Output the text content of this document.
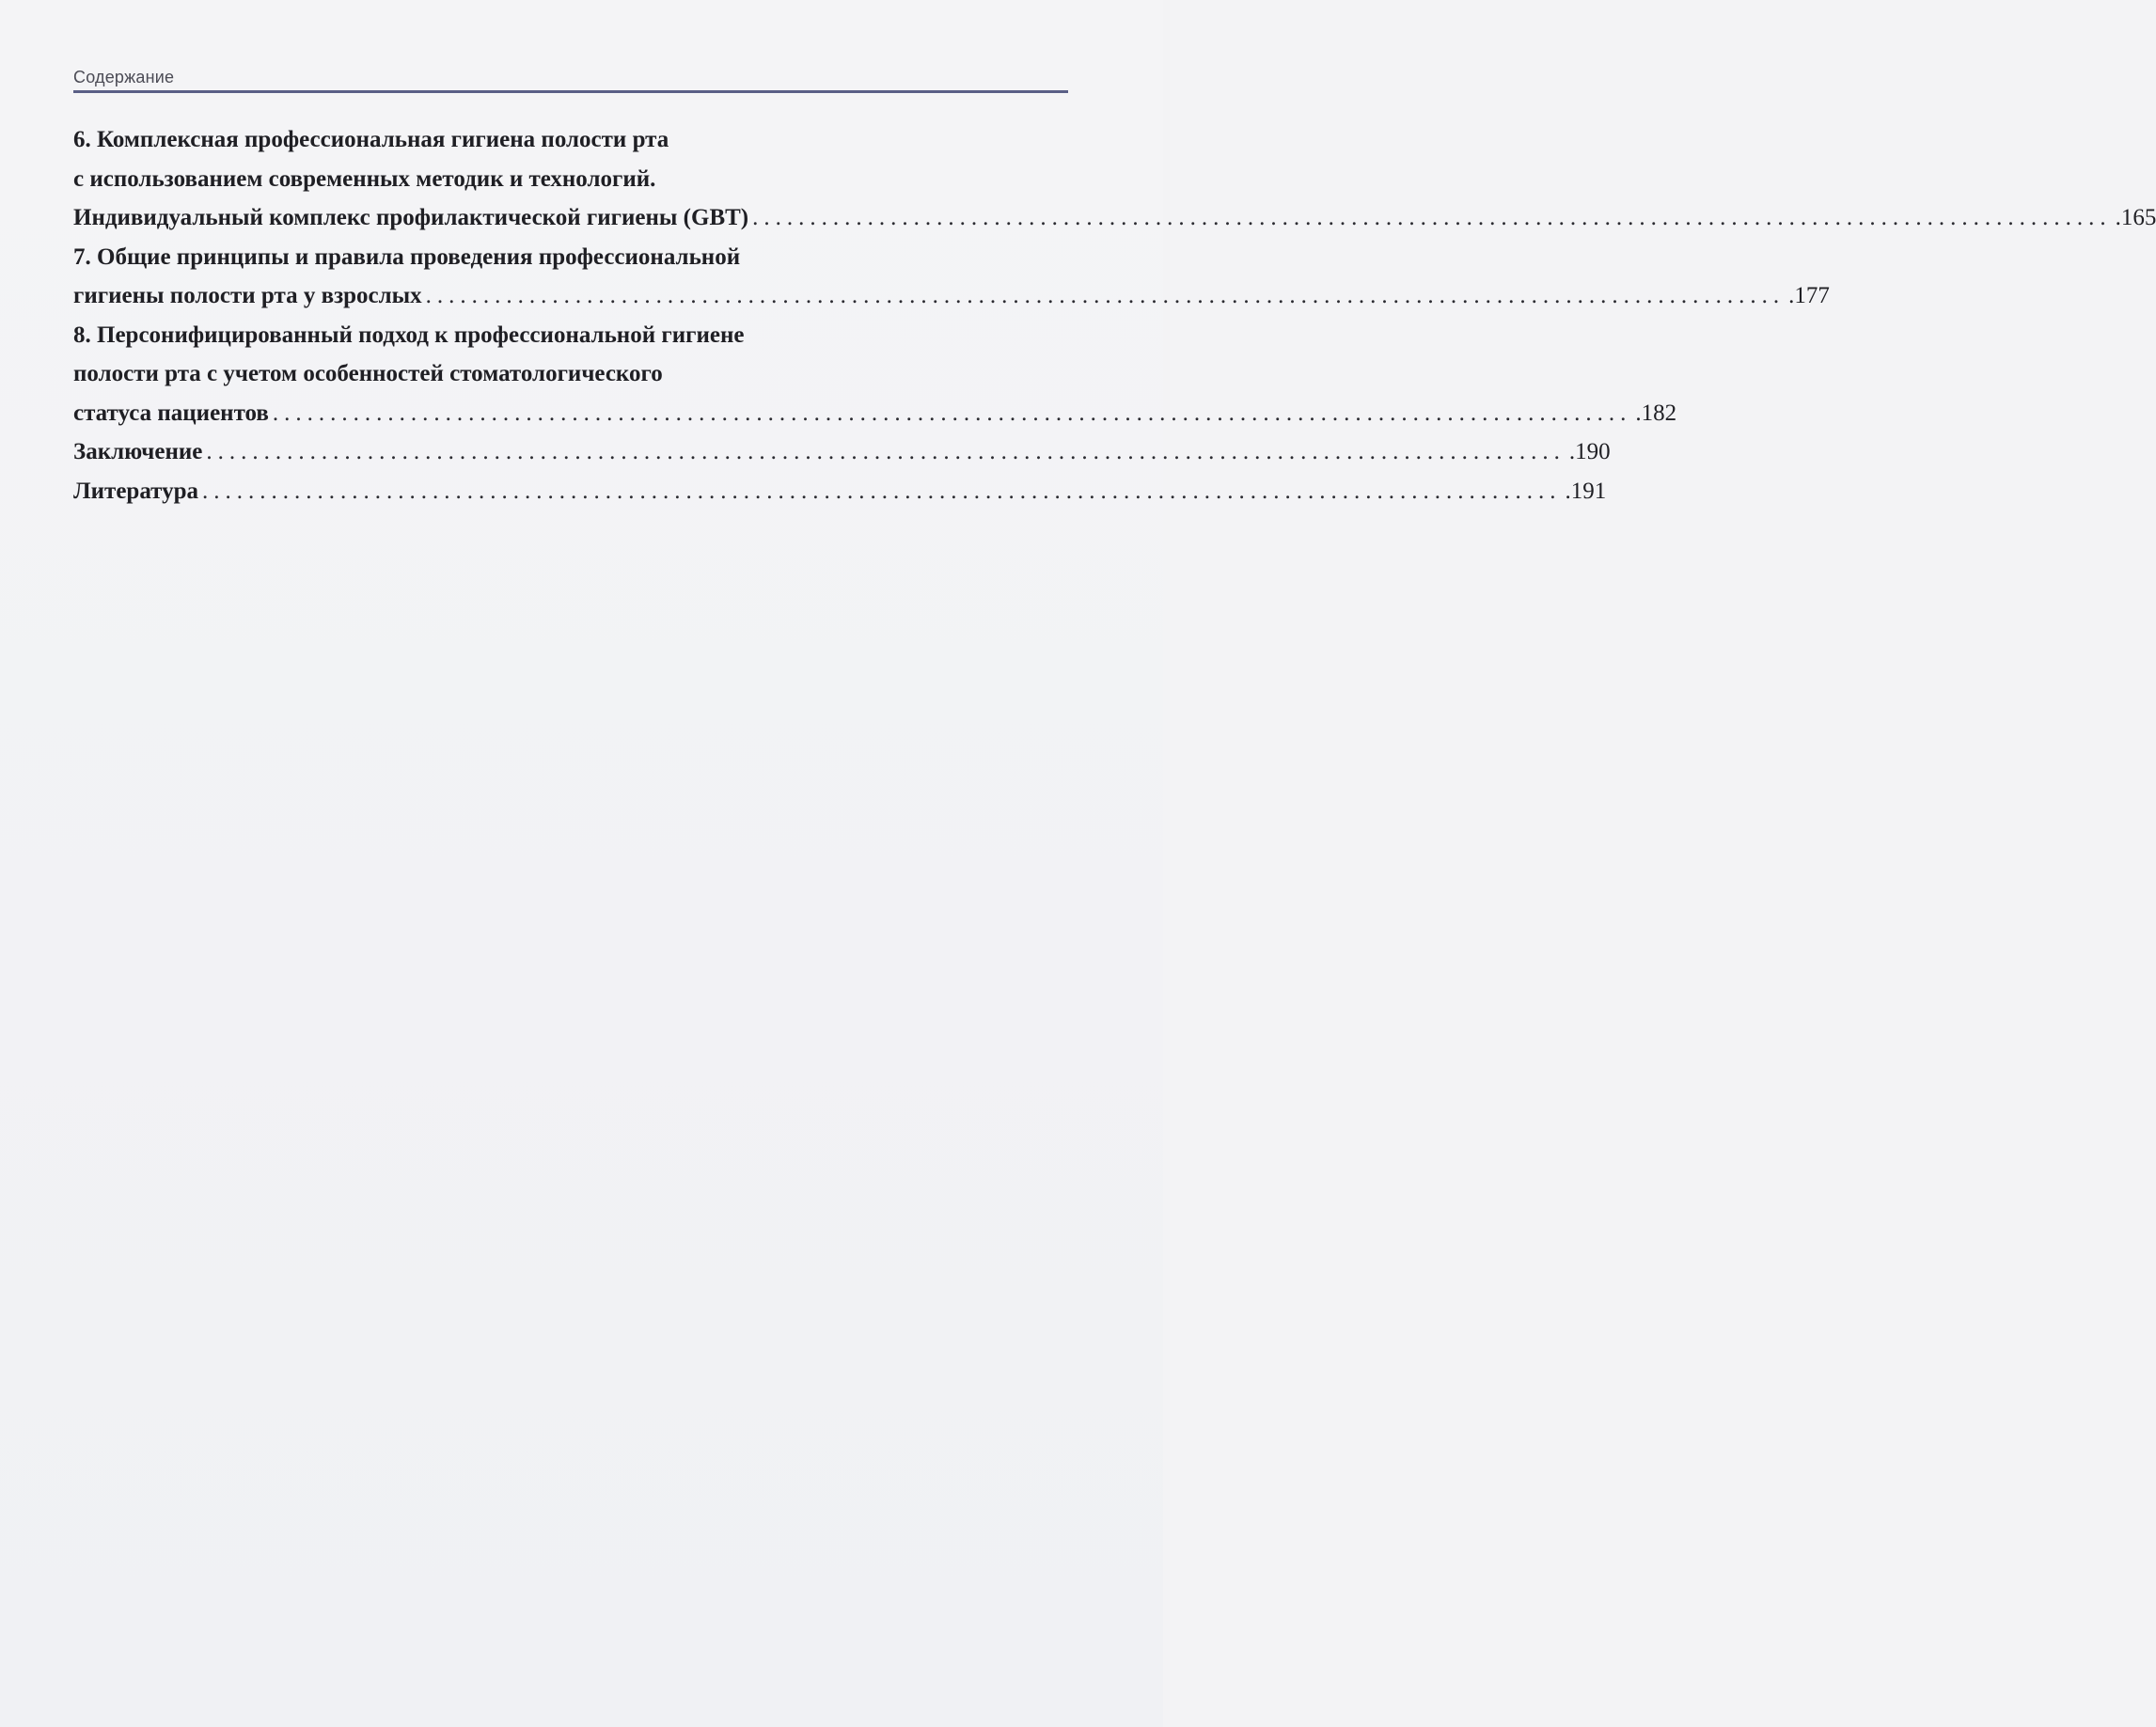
Содержание
6. Комплексная профессиональная гигиена полости рта
с использованием современных методик и технологий.
Индивидуальный комплекс профилактической гигиены (GBT) ...................................................................................................................... .165
7. Общие принципы и правила проведения профессиональной
гигиены полости рта у взрослых ...................................................................................................................... .177
8. Персонифицированный подход к профессиональной гигиене
полости рта с учетом особенностей стоматологического
статуса пациентов ...................................................................................................................... .182
Заключение ...................................................................................................................... .190
Литература ...................................................................................................................... .191
